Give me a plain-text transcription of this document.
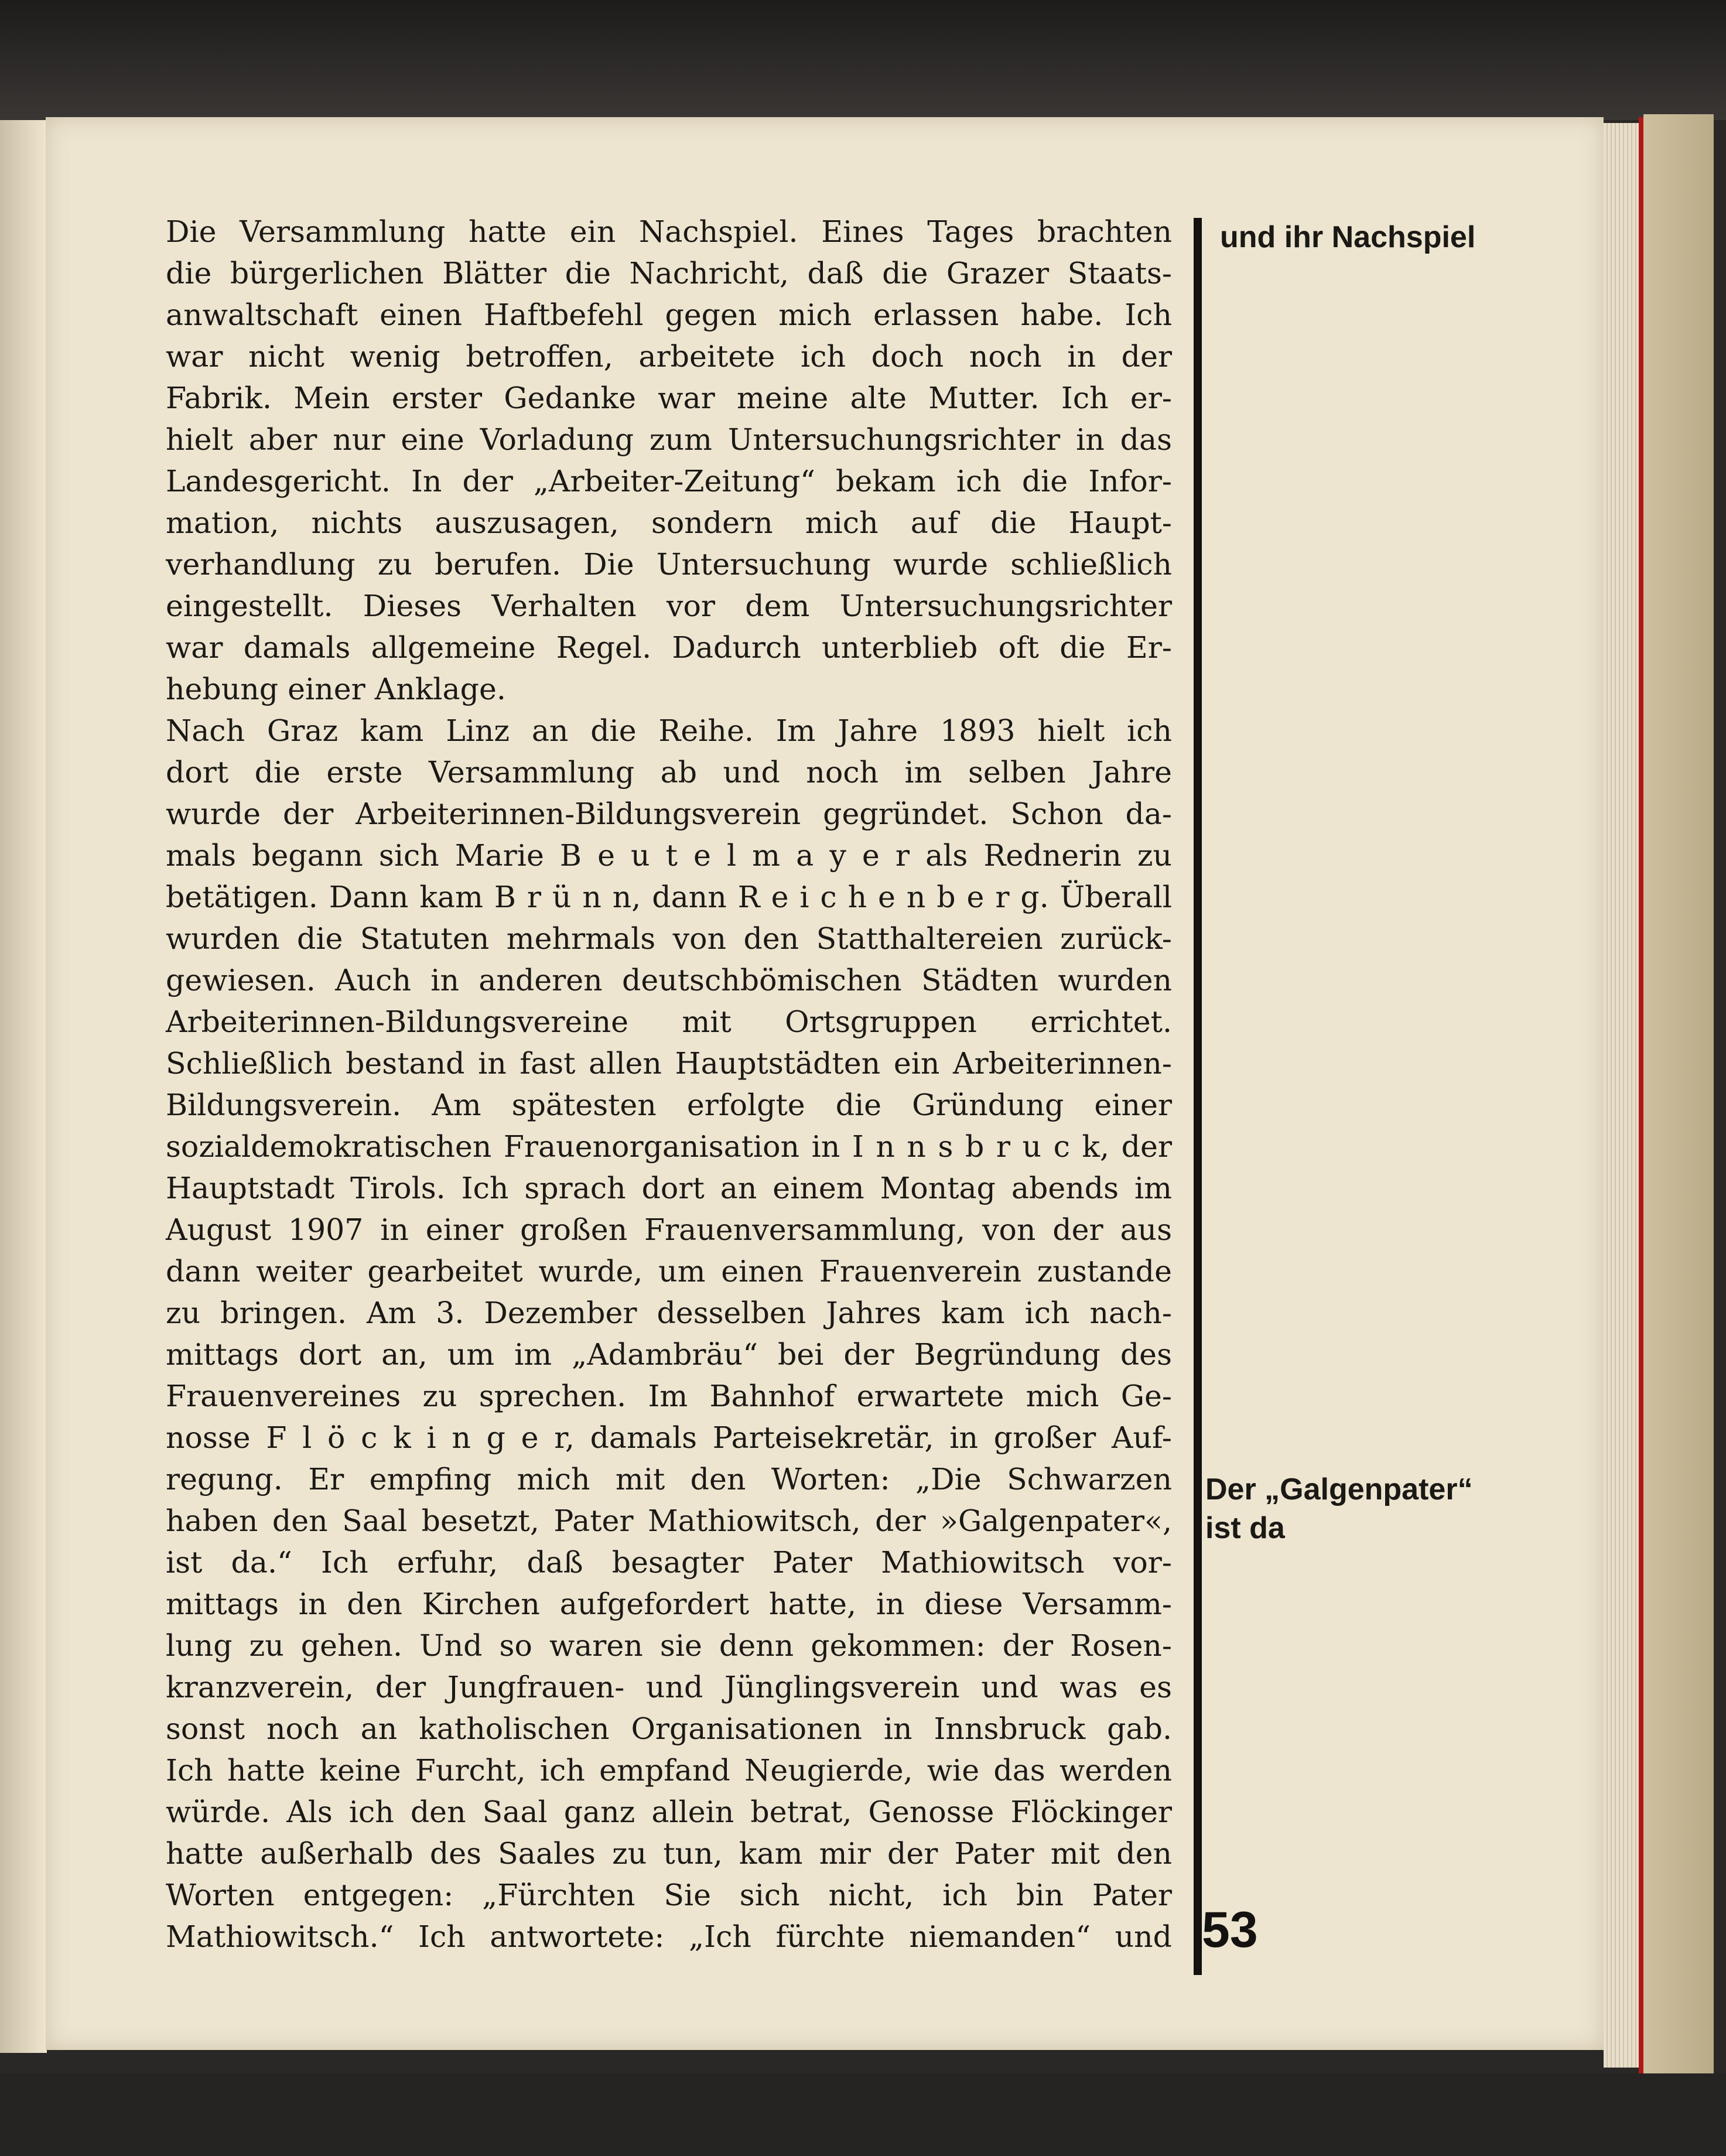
Die Versammlung hatte ein Nachspiel. Eines Tages brachten
die bürgerlichen Blätter die Nachricht, daß die Grazer Staats-
anwaltschaft einen Haftbefehl gegen mich erlassen habe. Ich
war nicht wenig betroffen, arbeitete ich doch noch in der
Fabrik. Mein erster Gedanke war meine alte Mutter. Ich er-
hielt aber nur eine Vorladung zum Untersuchungsrichter in das
Landesgericht. In der „Arbeiter-Zeitung“ bekam ich die Infor-
mation, nichts auszusagen, sondern mich auf die Haupt-
verhandlung zu berufen. Die Untersuchung wurde schließlich
eingestellt. Dieses Verhalten vor dem Untersuchungsrichter
war damals allgemeine Regel. Dadurch unterblieb oft die Er-
hebung einer Anklage.
Nach Graz kam Linz an die Reihe. Im Jahre 1893 hielt ich
dort die erste Versammlung ab und noch im selben Jahre
wurde der Arbeiterinnen-Bildungsverein gegründet. Schon da-
mals begann sich Marie B e u t e l m a y e r als Rednerin zu
betätigen. Dann kam B r ü n n, dann R e i c h e n b e r g. Überall
wurden die Statuten mehrmals von den Statthaltereien zurück-
gewiesen. Auch in anderen deutschbömischen Städten wurden
Arbeiterinnen-Bildungsvereine mit Ortsgruppen errichtet.
Schließlich bestand in fast allen Hauptstädten ein Arbeiterinnen-
Bildungsverein. Am spätesten erfolgte die Gründung einer
sozialdemokratischen Frauenorganisation in I n n s b r u c k, der
Hauptstadt Tirols. Ich sprach dort an einem Montag abends im
August 1907 in einer großen Frauenversammlung, von der aus
dann weiter gearbeitet wurde, um einen Frauenverein zustande
zu bringen. Am 3. Dezember desselben Jahres kam ich nach-
mittags dort an, um im „Adambräu“ bei der Begründung des
Frauenvereines zu sprechen. Im Bahnhof erwartete mich Ge-
nosse F l ö c k i n g e r, damals Parteisekretär, in großer Auf-
regung. Er empfing mich mit den Worten: „Die Schwarzen
haben den Saal besetzt, Pater Mathiowitsch, der »Galgenpater«,
ist da.“ Ich erfuhr, daß besagter Pater Mathiowitsch vor-
mittags in den Kirchen aufgefordert hatte, in diese Versamm-
lung zu gehen. Und so waren sie denn gekommen: der Rosen-
kranzverein, der Jungfrauen- und Jünglingsverein und was es
sonst noch an katholischen Organisationen in Innsbruck gab.
Ich hatte keine Furcht, ich empfand Neugierde, wie das werden
würde. Als ich den Saal ganz allein betrat, Genosse Flöckinger
hatte außerhalb des Saales zu tun, kam mir der Pater mit den
Worten entgegen: „Fürchten Sie sich nicht, ich bin Pater
Mathiowitsch.“ Ich antwortete: „Ich fürchte niemanden“ und
und ihr Nachspiel
Der „Galgenpater“
ist da
53
